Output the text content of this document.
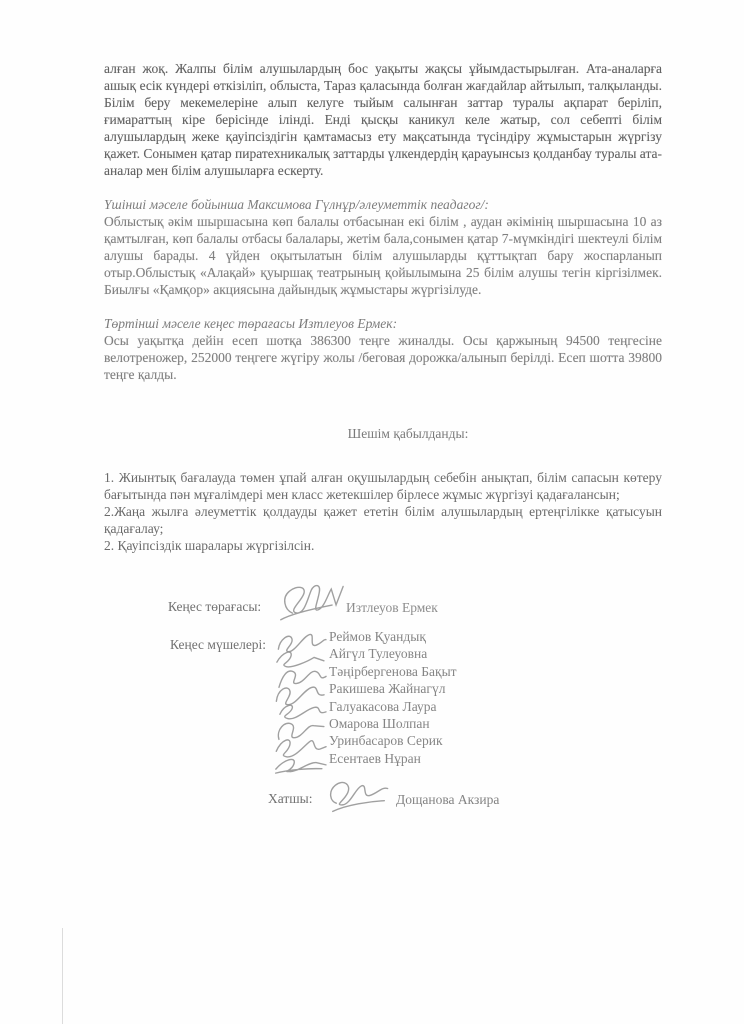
алған жоқ. Жалпы білім алушылардың бос уақыты жақсы ұйымдастырылған. Ата-аналарға ашық есік күндері өткізіліп, облыста, Тараз қаласында болған жағдайлар айтылып, талқыланды. Білім беру мекемелеріне алып келуге тыйым салынған заттар туралы ақпарат беріліп, ғимараттың кіре берісінде ілінді. Енді қысқы каникул келе жатыр, сол себепті білім алушылардың жеке қауіпсіздігін қамтамасыз ету мақсатында түсіндіру жұмыстарын жүргізу қажет. Сонымен қатар пиратехникалық заттарды үлкендердің қарауынсыз қолданбау туралы ата-аналар мен білім алушыларға ескерту.

Үшінші мәселе бойынша Максимова Гүлнұр/әлеуметтік пеадагог/:

Облыстық әкім шыршасына көп балалы отбасынан екі білім , аудан әкімінің шыршасына 10 аз қамтылған, көп балалы отбасы балалары, жетім бала,сонымен қатар 7-мүмкіндігі шектеулі білім алушы барады. 4 үйден оқытылатын білім алушыларды құттықтап бару жоспарланып отыр.Облыстық «Алақай» қуыршақ театрының қойылымына 25 білім алушы тегін кіргізілмек. Биылғы «Қамқор» акциясына дайындық жұмыстары жүргізілуде.

Төртінші мәселе кеңес төрағасы Изтлеуов Ермек:

Осы уақытқа дейін есеп шотқа 386300 теңге жиналды. Осы қаржының 94500 теңгесіне велотреножер, 252000 теңгеге жүгіру жолы /беговая дорожка/алынып берілді. Есеп шотта 39800 теңге қалды.

Шешім қабылданды:

1. Жиынтық бағалауда төмен ұпай алған оқушылардың себебін анықтап, білім сапасын көтеру бағытында пән мұғалімдері мен класс жетекшілер бірлесе жұмыс жүргізуі қадағалансын;

2.Жаңа жылға әлеуметтік қолдауды қажет ететін білім алушылардың ертеңгілікке қатысуын қадағалау;

2. Қауіпсіздік шаралары жүргізілсін.

Кеңес төрағасы:	Изтлеуов Ермек
Кеңес мүшелері:
Реймов Қуандық
Айгүл Тулеуовна
Тәңірбергенова Бақыт
Ракишева Жайнагүл
Галуакасова Лаура
Омарова Шолпан
Уринбасаров Серик
Есентаев Нұран
Хатшы:	Дощанова Акзира
